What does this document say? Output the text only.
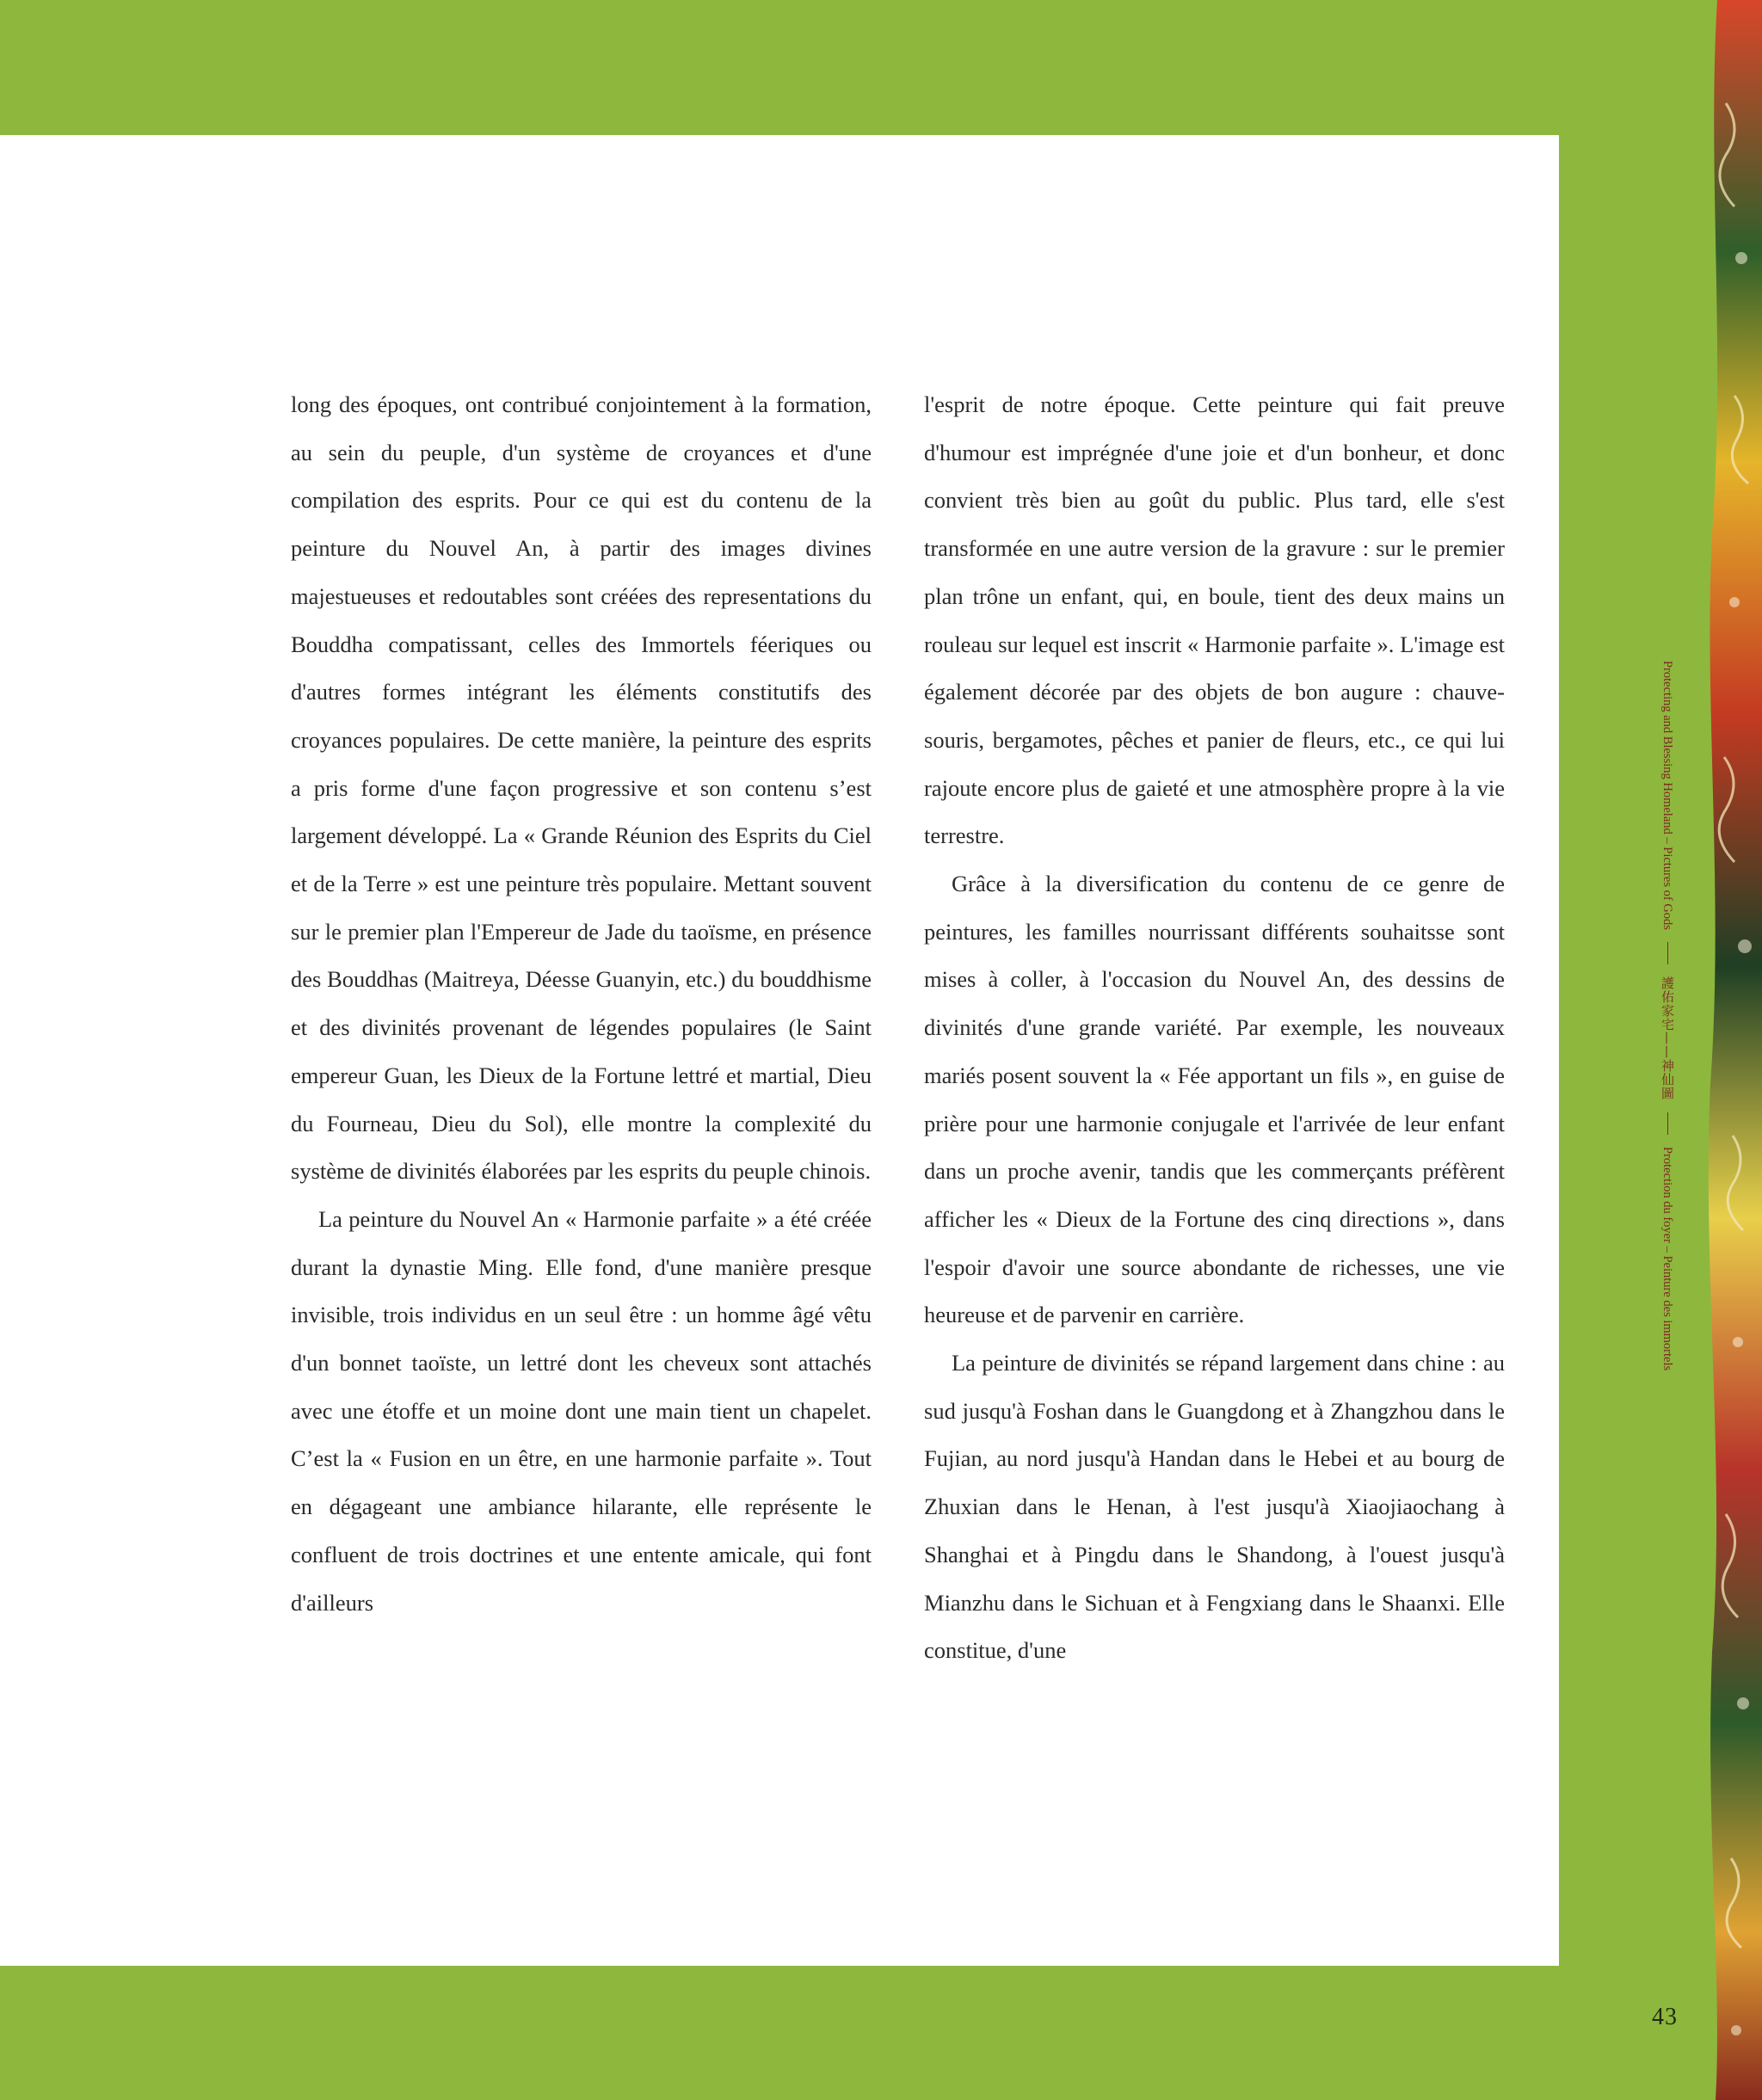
long des époques, ont contribué conjointement à la formation, au sein du peuple, d'un système de croyances et d'une compilation des esprits. Pour ce qui est du contenu de la peinture du Nouvel An, à partir des images divines majestueuses et redoutables sont créées des representations du Bouddha compatissant, celles des Immortels féeriques ou d'autres formes intégrant les éléments constitutifs des croyances populaires. De cette manière, la peinture des esprits a pris forme d'une façon progressive et son contenu s’est largement développé. La « Grande Réunion des Esprits du Ciel et de la Terre » est une peinture très populaire. Mettant souvent sur le premier plan l'Empereur de Jade du taoïsme, en présence des Bouddhas (Maitreya, Déesse Guanyin, etc.) du bouddhisme et des divinités provenant de légendes populaires (le Saint empereur Guan, les Dieux de la Fortune lettré et martial, Dieu du Fourneau, Dieu du Sol), elle montre la complexité du système de divinités élaborées par les esprits du peuple chinois.

La peinture du Nouvel An « Harmonie parfaite » a été créée durant la dynastie Ming. Elle fond, d'une manière presque invisible, trois individus en un seul être : un homme âgé vêtu d'un bonnet taoïste, un lettré dont les cheveux sont attachés avec une étoffe et un moine dont une main tient un chapelet. C’est la « Fusion en un être, en une harmonie parfaite ». Tout en dégageant une ambiance hilarante, elle représente le confluent de trois doctrines et une entente amicale, qui font d'ailleurs

l'esprit de notre époque. Cette peinture qui fait preuve d'humour est imprégnée d'une joie et d'un bonheur, et donc convient très bien au goût du public. Plus tard, elle s'est transformée en une autre version de la gravure : sur le premier plan trône un enfant, qui, en boule, tient des deux mains un rouleau sur lequel est inscrit « Harmonie parfaite ». L'image est également décorée par des objets de bon augure : chauve-souris, bergamotes, pêches et panier de fleurs, etc., ce qui lui rajoute encore plus de gaieté et une atmosphère propre à la vie terrestre.

Grâce à la diversification du contenu de ce genre de peintures, les familles nourrissant différents souhaitsse sont mises à coller, à l'occasion du Nouvel An, des dessins de divinités d'une grande variété. Par exemple, les nouveaux mariés posent souvent la « Fée apportant un fils », en guise de prière pour une harmonie conjugale et l'arrivée de leur enfant dans un proche avenir, tandis que les commerçants préfèrent afficher les « Dieux de la Fortune des cinq directions », dans l'espoir d'avoir une source abondante de richesses, une vie heureuse et de parvenir en carrière.

La peinture de divinités se répand largement dans chine : au sud jusqu'à Foshan dans le Guangdong et à Zhangzhou dans le Fujian, au nord jusqu'à Handan dans le Hebei et au bourg de Zhuxian dans le Henan, à l'est jusqu'à Xiaojiaochang à Shanghai et à Pingdu dans le Shandong, à l'ouest jusqu'à Mianzhu dans le Sichuan et à Fengxiang dans le Shaanxi. Elle constitue, d'une

Protecting and Blessing Homeland – Pictures of Gods
護佑家宅——神仙圖
Protection du foyer – Peinture des immortels
43
